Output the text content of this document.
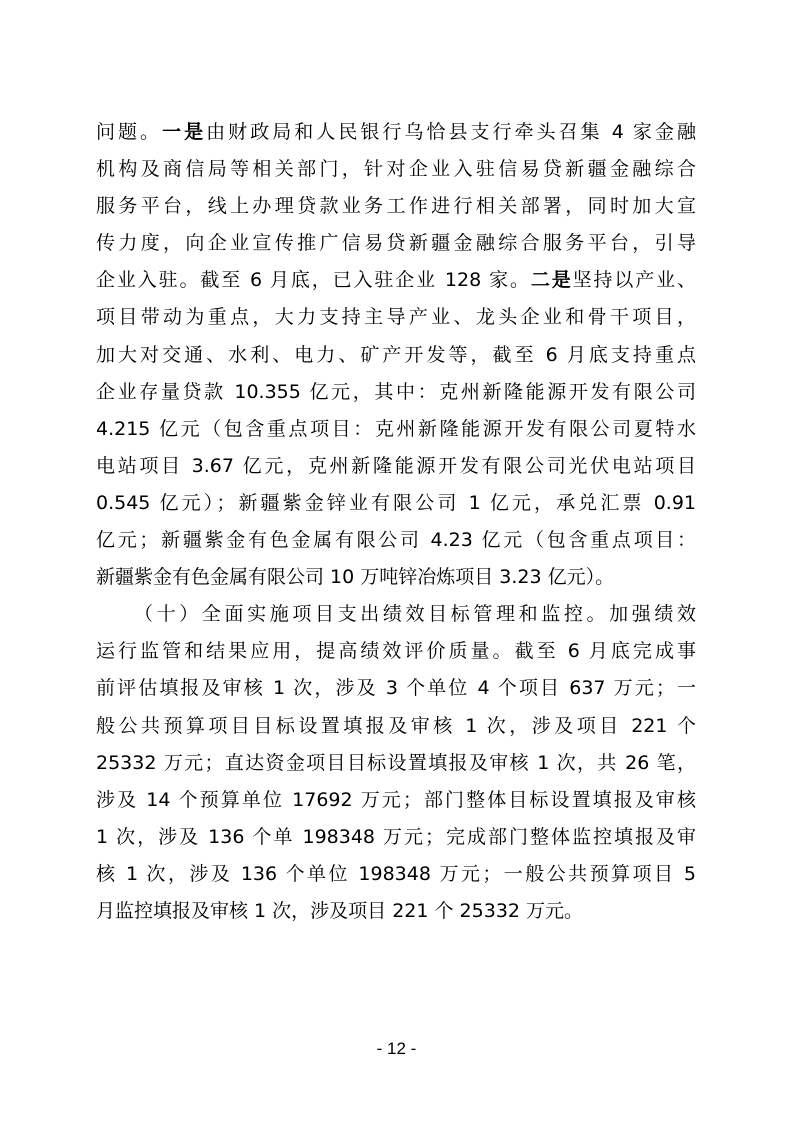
问题。一是由财政局和人民银行乌恰县支行牵头召集 4 家金融
机构及商信局等相关部门，针对企业入驻信易贷新疆金融综合
服务平台，线上办理贷款业务工作进行相关部署，同时加大宣
传力度，向企业宣传推广信易贷新疆金融综合服务平台，引导
企业入驻。截至 6 月底，已入驻企业 128 家。二是坚持以产业、
项目带动为重点，大力支持主导产业、龙头企业和骨干项目，
加大对交通、水利、电力、矿产开发等，截至 6 月底支持重点
企业存量贷款 10.355 亿元，其中：克州新隆能源开发有限公司
4.215 亿元（包含重点项目：克州新隆能源开发有限公司夏特水
电站项目 3.67 亿元，克州新隆能源开发有限公司光伏电站项目
0.545 亿元）；新疆紫金锌业有限公司 1 亿元，承兑汇票 0.91
亿元；新疆紫金有色金属有限公司 4.23 亿元（包含重点项目：
新疆紫金有色金属有限公司 10 万吨锌冶炼项目 3.23 亿元）。
（十）全面实施项目支出绩效目标管理和监控。加强绩效
运行监管和结果应用，提高绩效评价质量。截至 6 月底完成事
前评估填报及审核 1 次，涉及 3 个单位 4 个项目 637 万元；一
般公共预算项目目标设置填报及审核 1 次，涉及项目 221 个
25332 万元；直达资金项目目标设置填报及审核 1 次，共 26 笔，
涉及 14 个预算单位 17692 万元；部门整体目标设置填报及审核
1 次，涉及 136 个单 198348 万元；完成部门整体监控填报及审
核 1 次，涉及 136 个单位 198348 万元；一般公共预算项目 5
月监控填报及审核 1 次，涉及项目 221 个 25332 万元。
- 12 -
